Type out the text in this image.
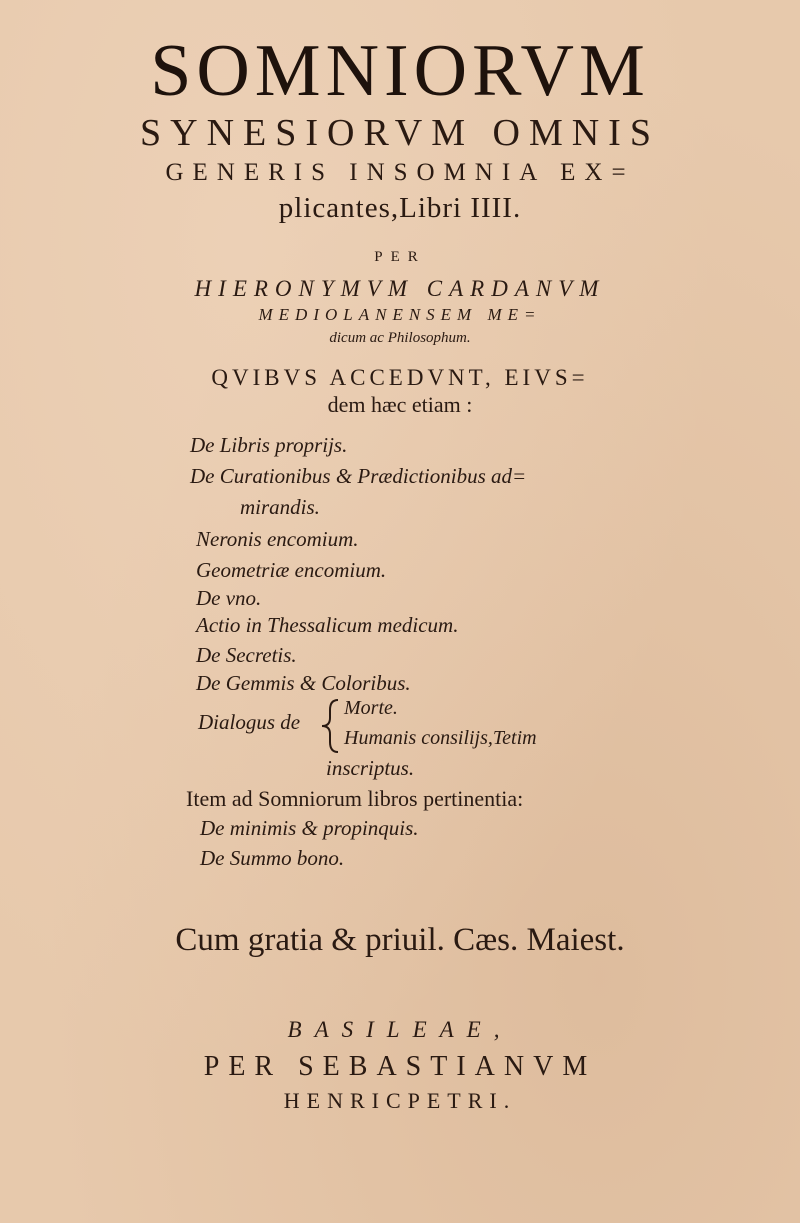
SOMNIORVM
SYNESIORVM OMNIS
GENERIS INSOMNIA EX=
plicantes,Libri IIII.
PER
HIERONYMVM CARDANVM
MEDIOLANENSEM ME=
dicum ac Philosophum.
QVIBVS ACCEDVNT, EIVS=
dem hæc etiam :
De Libris proprijs.
De Curationibus & Prædictionibus ad=
mirandis.
Neronis encomium.
Geometriæ encomium.
De vno.
Actio in Thessalicum medicum.
De Secretis.
De Gemmis & Coloribus.
Dialogus de
Morte.
Humanis consilijs,Tetim
inscriptus.
Item ad Somniorum libros pertinentia:
De minimis & propinquis.
De Summo bono.
Cum gratia & priuil. Cæs. Maiest.
BASILEAE,
PER SEBASTIANVM
HENRICPETRI.
